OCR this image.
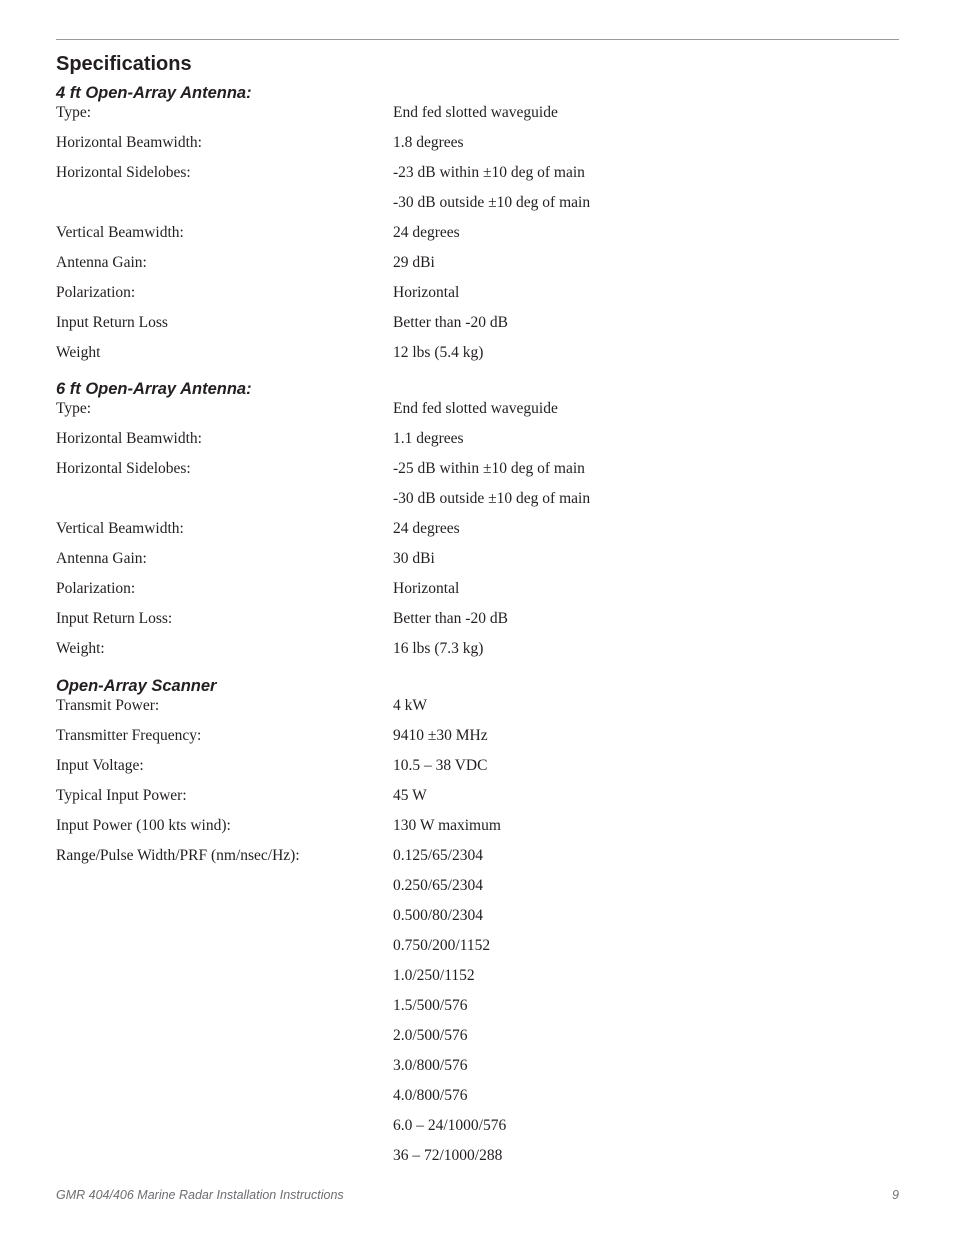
Specifications
4 ft Open-Array Antenna:
Type:	End fed slotted waveguide
Horizontal Beamwidth:	1.8 degrees
Horizontal Sidelobes:	-23 dB within ±10 deg of main
-30 dB outside ±10 deg of main
Vertical Beamwidth:	24 degrees
Antenna Gain:	29 dBi
Polarization:	Horizontal
Input Return Loss	Better than -20 dB
Weight	12 lbs (5.4 kg)
6 ft Open-Array Antenna:
Type:	End fed slotted waveguide
Horizontal Beamwidth:	1.1 degrees
Horizontal Sidelobes:	-25 dB within ±10 deg of main
-30 dB outside ±10 deg of main
Vertical Beamwidth:	24 degrees
Antenna Gain:	30 dBi
Polarization:	Horizontal
Input Return Loss:	Better than -20 dB
Weight:	16 lbs (7.3 kg)
Open-Array Scanner
Transmit Power:	4 kW
Transmitter Frequency:	9410 ±30 MHz
Input Voltage:	10.5 – 38 VDC
Typical Input Power:	45 W
Input Power (100 kts wind):	130 W maximum
Range/Pulse Width/PRF (nm/nsec/Hz):	0.125/65/2304
0.250/65/2304
0.500/80/2304
0.750/200/1152
1.0/250/1152
1.5/500/576
2.0/500/576
3.0/800/576
4.0/800/576
6.0 – 24/1000/576
36 – 72/1000/288
GMR 404/406 Marine Radar Installation Instructions	9
